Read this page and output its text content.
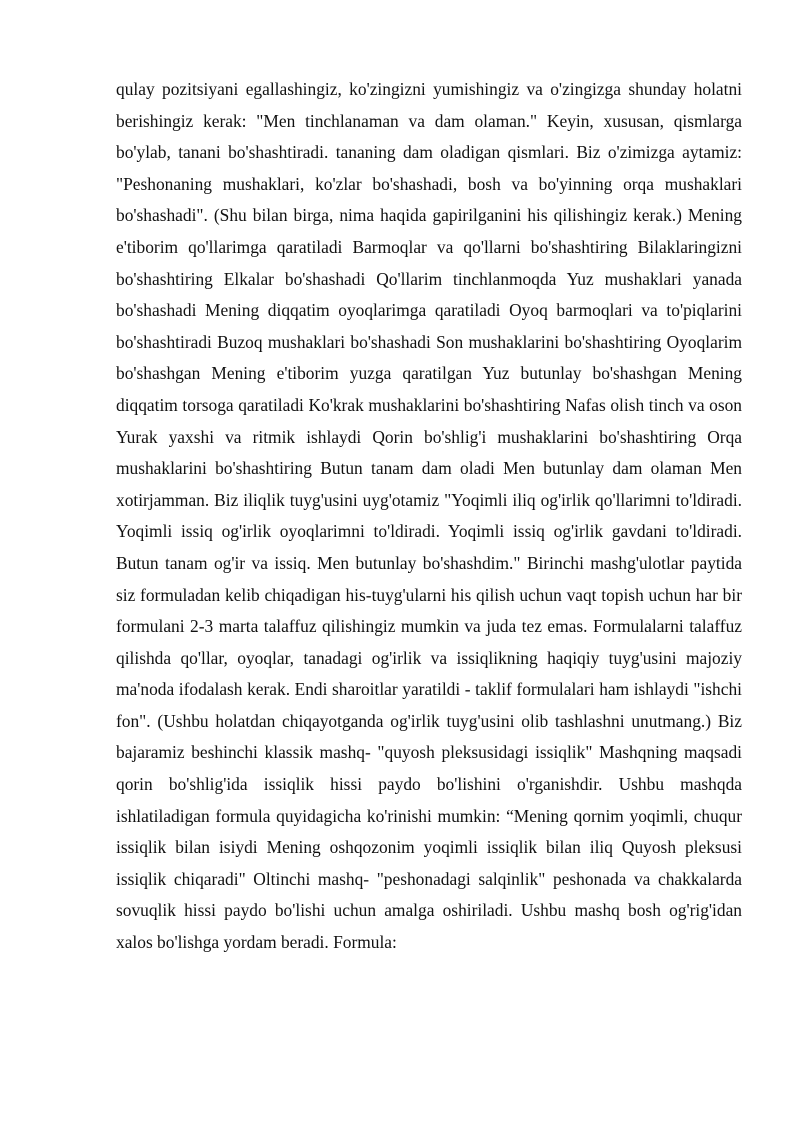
qulay pozitsiyani egallashingiz, ko'zingizni yumishingiz va o'zingizga shunday holatni berishingiz kerak: "Men tinchlanaman va dam olaman." Keyin, xususan, qismlarga bo'ylab, tanani bo'shashtiradi. tananing dam oladigan qismlari. Biz o'zimizga aytamiz: "Peshonaning mushaklari, ko'zlar bo'shashadi, bosh va bo'yinning orqa mushaklari bo'shashadi". (Shu bilan birga, nima haqida gapirilganini his qilishingiz kerak.) Mening e'tiborim qo'llarimga qaratiladi Barmoqlar va qo'llarni bo'shashtiring Bilaklaringizni bo'shashtiring Elkalar bo'shashadi Qo'llarim tinchlanmoqda Yuz mushaklari yanada bo'shashadi Mening diqqatim oyoqlarimga qaratiladi Oyoq barmoqlari va to'piqlarini bo'shashtiradi Buzoq mushaklari bo'shashadi Son mushaklarini bo'shashtiring Oyoqlarim bo'shashgan Mening e'tiborim yuzga qaratilgan Yuz butunlay bo'shashgan Mening diqqatim torsoga qaratiladi Ko'krak mushaklarini bo'shashtiring Nafas olish tinch va oson Yurak yaxshi va ritmik ishlaydi Qorin bo'shlig'i mushaklarini bo'shashtiring Orqa mushaklarini bo'shashtiring Butun tanam dam oladi Men butunlay dam olaman Men xotirjamman. Biz iliqlik tuyg'usini uyg'otamiz "Yoqimli iliq og'irlik qo'llarimni to'ldiradi. Yoqimli issiq og'irlik oyoqlarimni to'ldiradi. Yoqimli issiq og'irlik gavdani to'ldiradi. Butun tanam og'ir va issiq. Men butunlay bo'shashdim." Birinchi mashg'ulotlar paytida siz formuladan kelib chiqadigan his-tuyg'ularni his qilish uchun vaqt topish uchun har bir formulani 2-3 marta talaffuz qilishingiz mumkin va juda tez emas. Formulalarni talaffuz qilishda qo'llar, oyoqlar, tanadagi og'irlik va issiqlikning haqiqiy tuyg'usini majoziy ma'noda ifodalash kerak. Endi sharoitlar yaratildi - taklif formulalari ham ishlaydi "ishchi fon". (Ushbu holatdan chiqayotganda og'irlik tuyg'usini olib tashlashni unutmang.) Biz bajaramiz beshinchi klassik mashq- "quyosh pleksusidagi issiqlik" Mashqning maqsadi qorin bo'shlig'ida issiqlik hissi paydo bo'lishini o'rganishdir. Ushbu mashqda ishlatiladigan formula quyidagicha ko'rinishi mumkin: “Mening qornim yoqimli, chuqur issiqlik bilan isiydi Mening oshqozonim yoqimli issiqlik bilan iliq Quyosh pleksusi issiqlik chiqaradi" Oltinchi mashq- "peshonadagi salqinlik" peshonada va chakkalarda sovuqlik hissi paydo bo'lishi uchun amalga oshiriladi. Ushbu mashq bosh og'rig'idan xalos bo'lishga yordam beradi. Formula:
